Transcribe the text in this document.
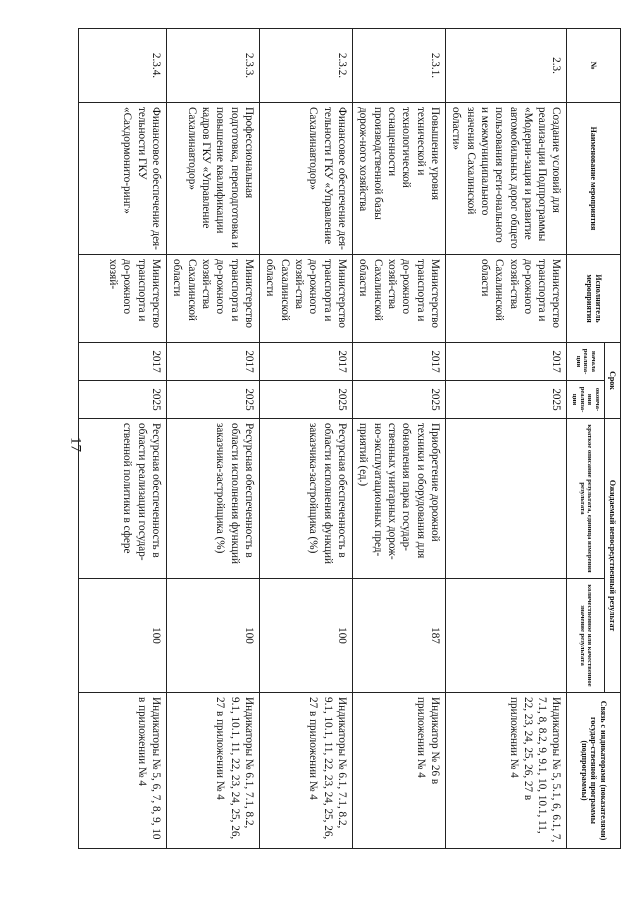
17
№	Наименование мероприятия	Исполнитель мероприятия	Срок		Ожидаемый непосредственный результат		Связь с индикаторами (показателями) государ-ственной программы (подпрограммы)
			начала реализа-ции	оконча-ния реализа-ции	краткое описание результата, единица измерения результата	количественное или качественное значение результата	
2.3.	Создание условий для реализа-ции Подпрограммы «Модерни-зация и развитие автомобильных дорог общего пользования реги-онального и межмуниципального значения Сахалинской области»	Министерство транспорта и до-рожного хозяй-ства Сахалинской области	2017	2025			Индикаторы № 5, 5.1, 6, 6.1, 7, 7.1, 8, 8.2, 9, 9.1, 10, 10.1, 11, 22, 23, 24, 25, 26, 27 в приложении № 4
2.3.1.	Повышение уровня технической и технологической оснащенности производственной базы дорож-ного хозяйства	Министерство транспорта и до-рожного хозяй-ства Сахалинской области	2017	2025	Приобретение дорожной техники и оборудования для обновления парка государ-ственных унитарных дорож-но-эксплуатационных пред-приятий (ед.)	187	Индикатор № 26 в приложении № 4
2.3.2.	Финансовое обеспечение дея-тельности ГКУ «Управление Сахалинавтодор»	Министерство транспорта и до-рожного хозяй-ства Сахалинской области	2017	2025	Ресурсная обеспеченность в области исполнения функций заказчика-застройщика (%)	100	Индикаторы № 6.1, 7.1, 8.2, 9.1, 10.1, 11, 22, 23, 24, 25, 26, 27 в приложении № 4
2.3.3.	Профессиональная подготовка, переподготовка и повышение квалификации кадров ГКУ «Управление Сахалинавтодор»	Министерство транспорта и до-рожного хозяй-ства Сахалинской области	2017	2025	Ресурсная обеспеченность в области исполнения функций заказчика-застройщика (%)	100	Индикаторы № 6.1, 7.1, 8.2, 9.1, 10.1, 11, 22, 23, 24, 25, 26, 27 в приложении № 4
2.3.4.	Финансовое обеспечение дея-тельности ГКУ «Сахдормонито-ринг»	Министерство транспорта и до-рожного хозяй-	2017	2025	Ресурсная обеспеченность в области реализации государ-ственной политики в сфере	100	Индикаторы № 5, 6, 7, 8, 9, 10 в приложении № 4
